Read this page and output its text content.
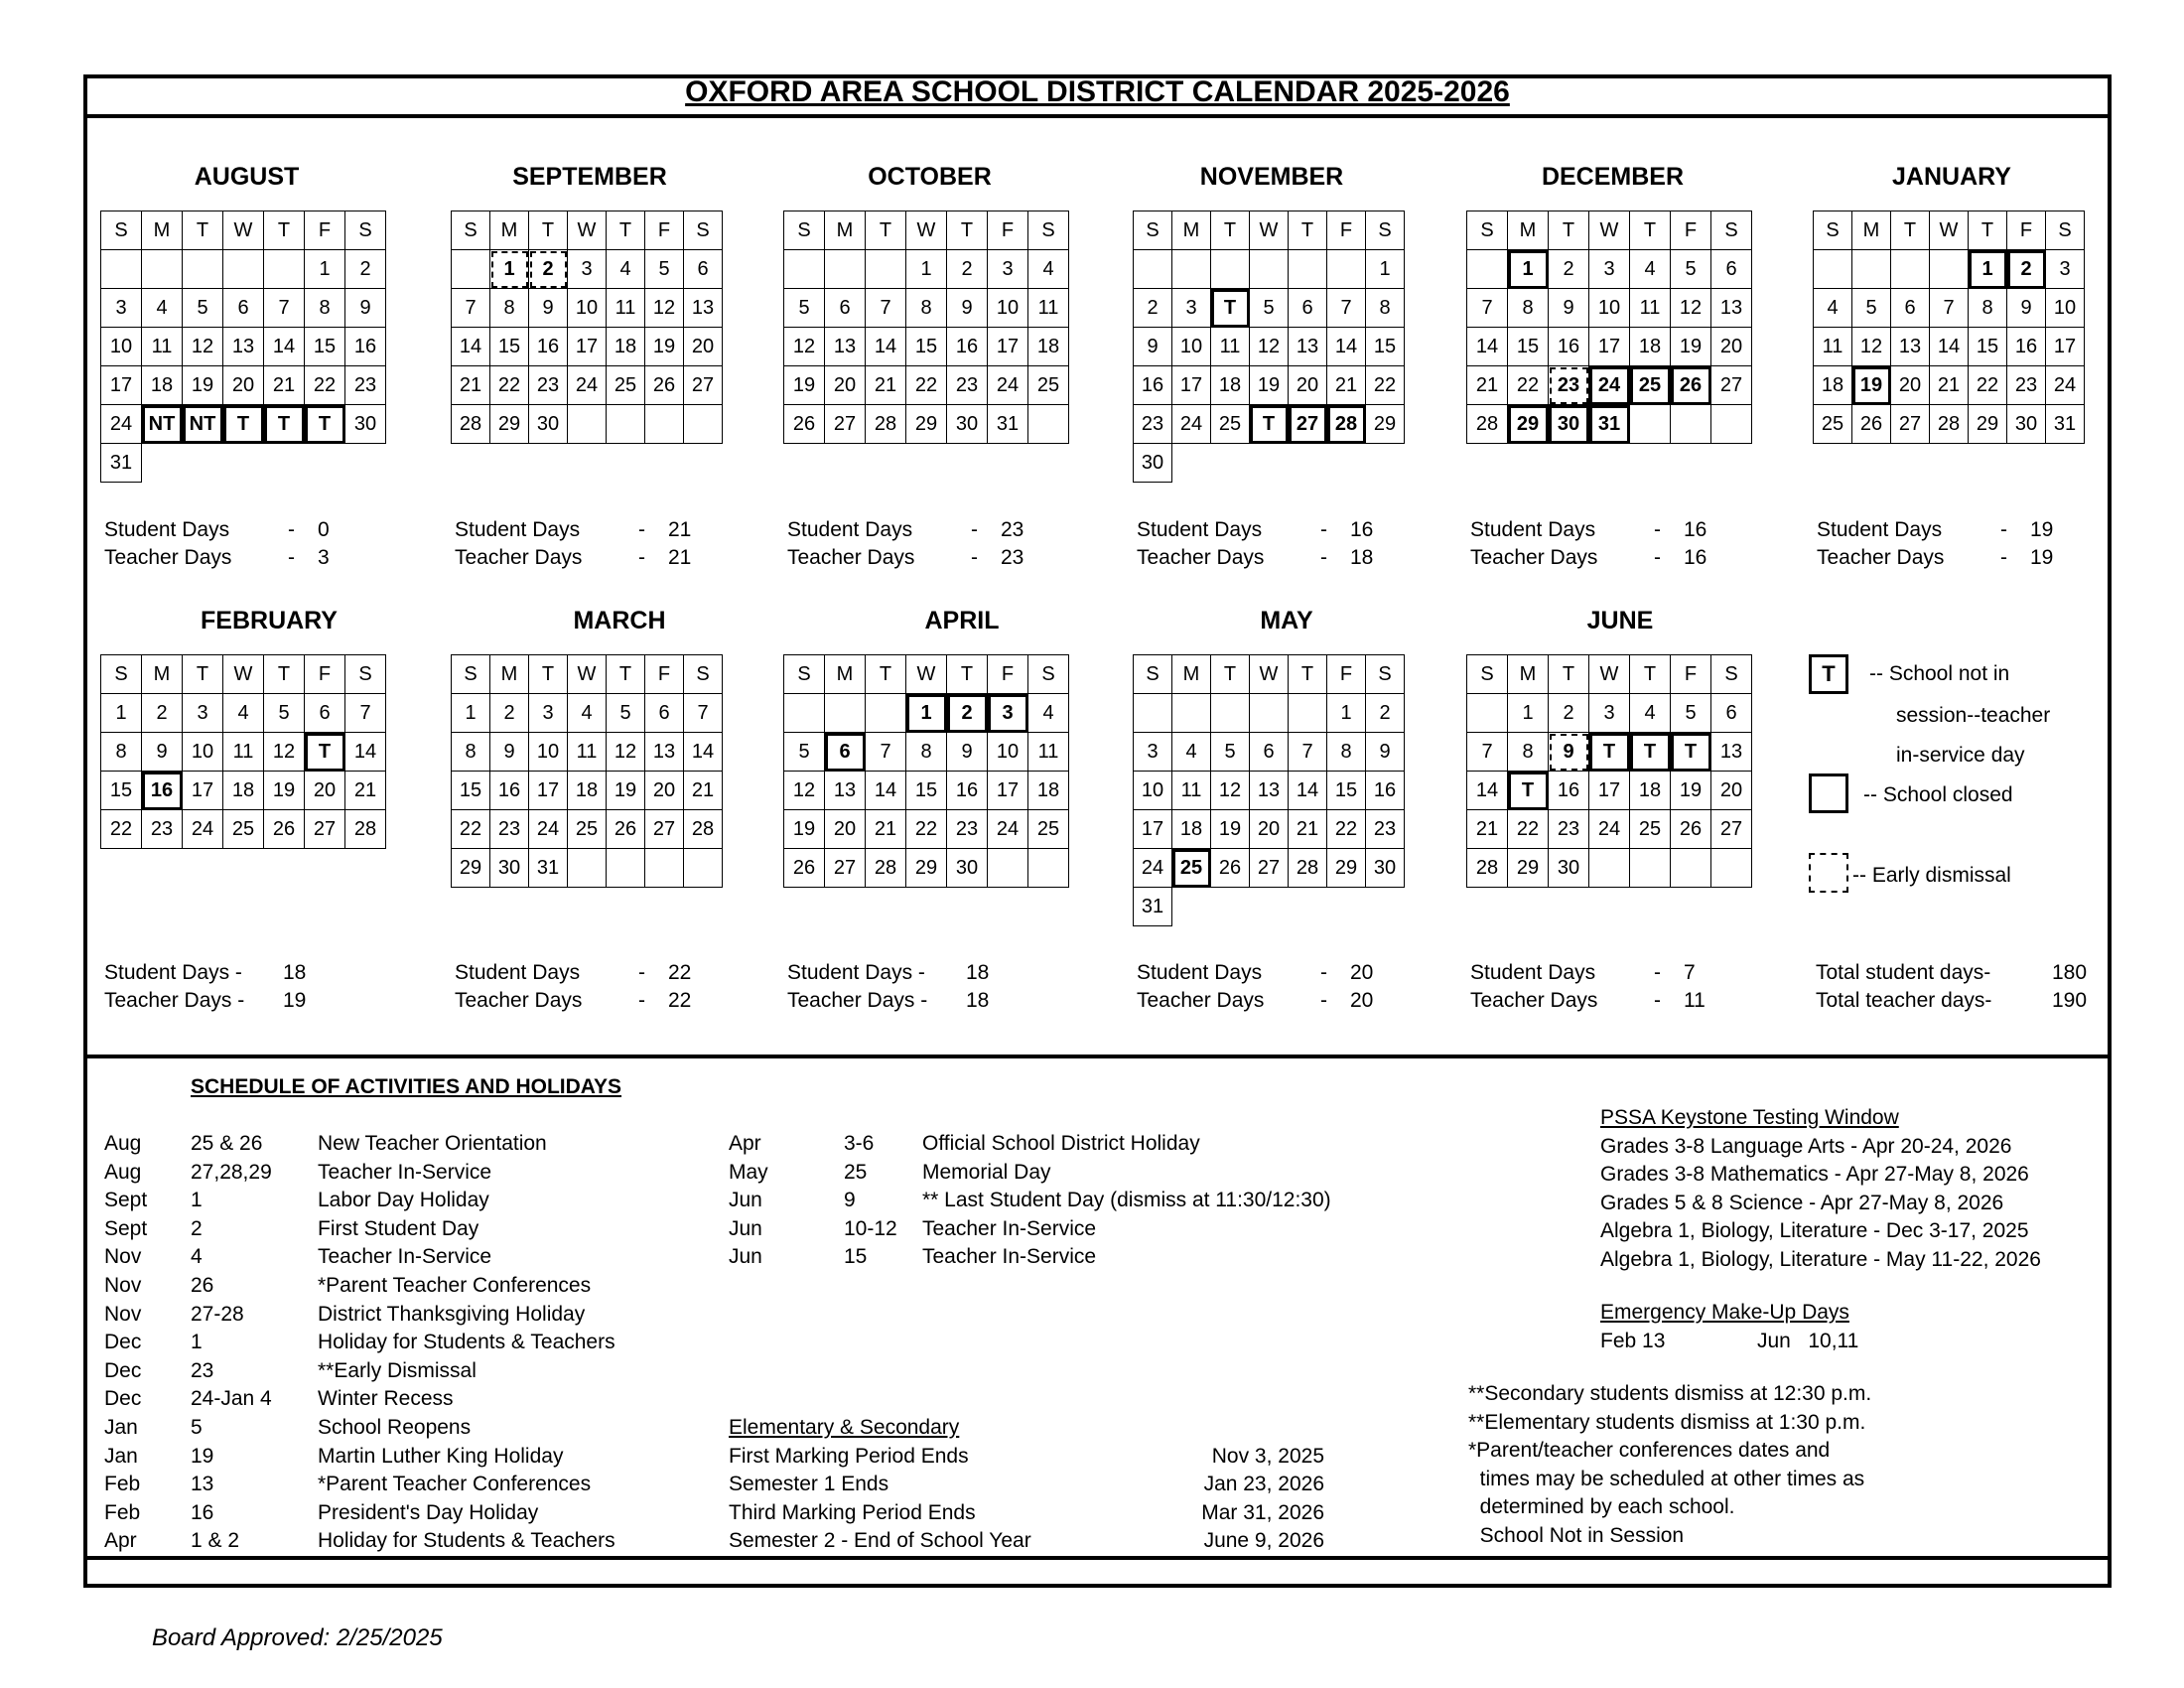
OXFORD AREA SCHOOL DISTRICT CALENDAR 2025-2026
AUGUST
S	M	T	W	T	F	S
					1	2
3	4	5	6	7	8	9
10	11	12	13	14	15	16
17	18	19	20	21	22	23
24	NT	NT	T	T	T	30
31						
SEPTEMBER
S	M	T	W	T	F	S
	1	2	3	4	5	6
7	8	9	10	11	12	13
14	15	16	17	18	19	20
21	22	23	24	25	26	27
28	29	30				
OCTOBER
S	M	T	W	T	F	S
			1	2	3	4
5	6	7	8	9	10	11
12	13	14	15	16	17	18
19	20	21	22	23	24	25
26	27	28	29	30	31	
NOVEMBER
S	M	T	W	T	F	S
						1
2	3	T	5	6	7	8
9	10	11	12	13	14	15
16	17	18	19	20	21	22
23	24	25	T	27	28	29
30						
DECEMBER
S	M	T	W	T	F	S
	1	2	3	4	5	6
7	8	9	10	11	12	13
14	15	16	17	18	19	20
21	22	23	24	25	26	27
28	29	30	31			
JANUARY
S	M	T	W	T	F	S
				1	2	3
4	5	6	7	8	9	10
11	12	13	14	15	16	17
18	19	20	21	22	23	24
25	26	27	28	29	30	31
FEBRUARY
S	M	T	W	T	F	S
1	2	3	4	5	6	7
8	9	10	11	12	T	14
15	16	17	18	19	20	21
22	23	24	25	26	27	28
MARCH
S	M	T	W	T	F	S
1	2	3	4	5	6	7
8	9	10	11	12	13	14
15	16	17	18	19	20	21
22	23	24	25	26	27	28
29	30	31				
APRIL
S	M	T	W	T	F	S
			1	2	3	4
5	6	7	8	9	10	11
12	13	14	15	16	17	18
19	20	21	22	23	24	25
26	27	28	29	30		
MAY
S	M	T	W	T	F	S
					1	2
3	4	5	6	7	8	9
10	11	12	13	14	15	16
17	18	19	20	21	22	23
24	25	26	27	28	29	30
31						
JUNE
S	M	T	W	T	F	S
	1	2	3	4	5	6
7	8	9	T	T	T	13
14	T	16	17	18	19	20
21	22	23	24	25	26	27
28	29	30				
T	-- School not in
session--teacher
in-service day
-- School closed
-- Early dismissal
Total student days-	180
Total teacher days-	190
SCHEDULE OF ACTIVITIES AND HOLIDAYS
Aug 25 & 26	New Teacher Orientation
Aug 27,28,29 Teacher In-Service
Sept 1	Labor Day Holiday
Sept 2	First Student Day
Nov 4	Teacher In-Service
Nov 26	*Parent Teacher Conferences
Nov 27-28	District Thanksgiving Holiday
Dec 1	Holiday for Students & Teachers
Dec 23	**Early Dismissal
Dec 24-Jan 4 Winter Recess
Jan	5	School Reopens
Jan	19	Martin Luther King Holiday
Feb 13	*Parent Teacher Conferences
Feb 16	President's Day Holiday
Apr	1 & 2	Holiday for Students & Teachers
Apr	3-6 Official School District Holiday
May	25	Memorial Day
Jun	9	** Last Student Day (dismiss at 11:30/12:30)
Jun	10-12 Teacher In-Service
Jun	15	Teacher In-Service
Elementary & Secondary
First Marking Period Ends	Nov 3, 2025
Semester 1 Ends	Jan 23, 2026
Third Marking Period Ends	Mar 31, 2026
Semester 2 - End of School Year	June 9, 2026
PSSA Keystone Testing Window
Grades 3-8 Language Arts - Apr 20-24, 2026
Grades 3-8 Mathematics - Apr 27-May 8, 2026
Grades 5 & 8 Science - Apr 27-May 8, 2026
Algebra 1, Biology, Literature - Dec 3-17, 2025
Algebra 1, Biology, Literature - May 11-22, 2026
Emergency Make-Up Days
Feb 13	Jun   10,11
**Secondary students dismiss at 12:30 p.m.
**Elementary students dismiss at 1:30 p.m.
*Parent/teacher conferences dates and
times may be scheduled at other times as
determined by each school.
School Not in Session
Board Approved: 2/25/2025
Student Days	- 0
Teacher Days	- 3
Student Days	- 21
Teacher Days	- 21
Student Days	- 23
Teacher Days	- 23
Student Days	- 16
Teacher Days	- 18
Student Days	- 16
Teacher Days	- 16
Student Days	- 19
Teacher Days	- 19
Student Days - 18
Teacher Days - 19
Student Days	- 22
Teacher Days	- 22
Student Days - 18
Teacher Days - 18
Student Days	- 20
Teacher Days	- 20
Student Days	- 7
Teacher Days	- 11
